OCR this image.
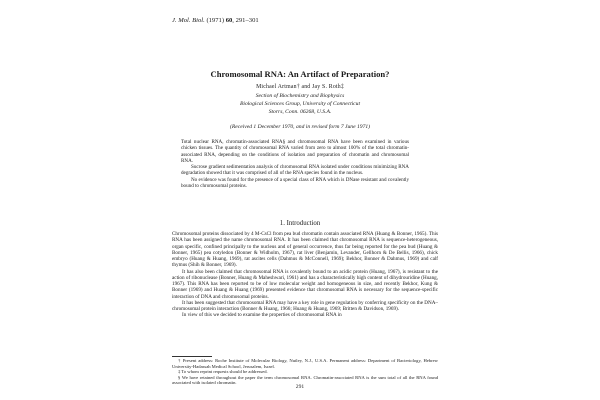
J. Mol. Biol. (1971) 60, 291–301
Chromosomal RNA: An Artifact of Preparation?
Michael Artman† and Jay S. Roth‡
Section of Biochemistry and Biophysics
Biological Sciences Group, University of Connecticut
Storrs, Conn. 06268, U.S.A.
(Received 1 December 1970, and in revised form 7 June 1971)

Total nuclear RNA, chromatin-associated RNA§ and chromosomal RNA have been examined in various chicken tissues. The quantity of chromosomal RNA varied from zero to almost 100% of the total chromatin-associated RNA, depending on the conditions of isolation and preparation of chromatin and chromosomal RNA.

Sucrose gradient sedimentation analysis of chromosomal RNA isolated under conditions minimizing RNA degradation showed that it was comprised of all of the RNA species found in the nucleus.

No evidence was found for the presence of a special class of RNA which is DNase resistant and covalently bound to chromosomal proteins.

1. Introduction

Chromosomal proteins dissociated by 4 M-CsCl from pea bud chromatin contain associated RNA (Huang & Bonner, 1965). This RNA has been assigned the name chromosomal RNA. It has been claimed that chromosomal RNA is sequence-heterogeneous, organ specific, confined principally to the nucleus and of general occurrence, thus far being reported for the pea bud (Huang & Bonner, 1965) pea cotyledon (Bonner & Widholm, 1967), rat liver (Benjamin, Levander, Gellhorn & De Bellis, 1966), chick embryo (Huang & Huang, 1969), rat ascites cells (Dahmus & McConnell, 1969); Bekhor, Bonner & Dahmus, 1969) and calf thymus (Shih & Bonner, 1969).

It has also been claimed that chromosomal RNA is covalently bound to an acidic protein (Huang, 1967), is resistant to the action of ribonuclease (Bonner, Huang & Maheshwari, 1961) and has a characteristically high content of dihydrouridine (Huang, 1967). This RNA has been reported to be of low molecular weight and homogeneous in size, and recently Bekhor, Kung & Bonner (1969) and Huang & Huang (1969) presented evidence that chromosomal RNA is necessary for the sequence-specific interaction of DNA and chromosomal proteins.

It has been suggested that chromosomal RNA may have a key role in gene regulation by conferring specificity on the DNA–chromosomal protein interaction (Bonner & Huang, 1966; Huang & Huang, 1969; Britten & Davidson, 1969).

In view of this we decided to examine the properties of chromosomal RNA in

† Present address: Roche Institute of Molecular Biology, Nutley, N.J., U.S.A. Permanent address: Department of Bacteriology, Hebrew University-Hadassah Medical School, Jerusalem, Israel.

‡ To whom reprint requests should be addressed.

§ We have retained throughout the paper the term chromosomal RNA. Chromatin-associated RNA is the sum total of all the RNA found associated with isolated chromatin.

291
